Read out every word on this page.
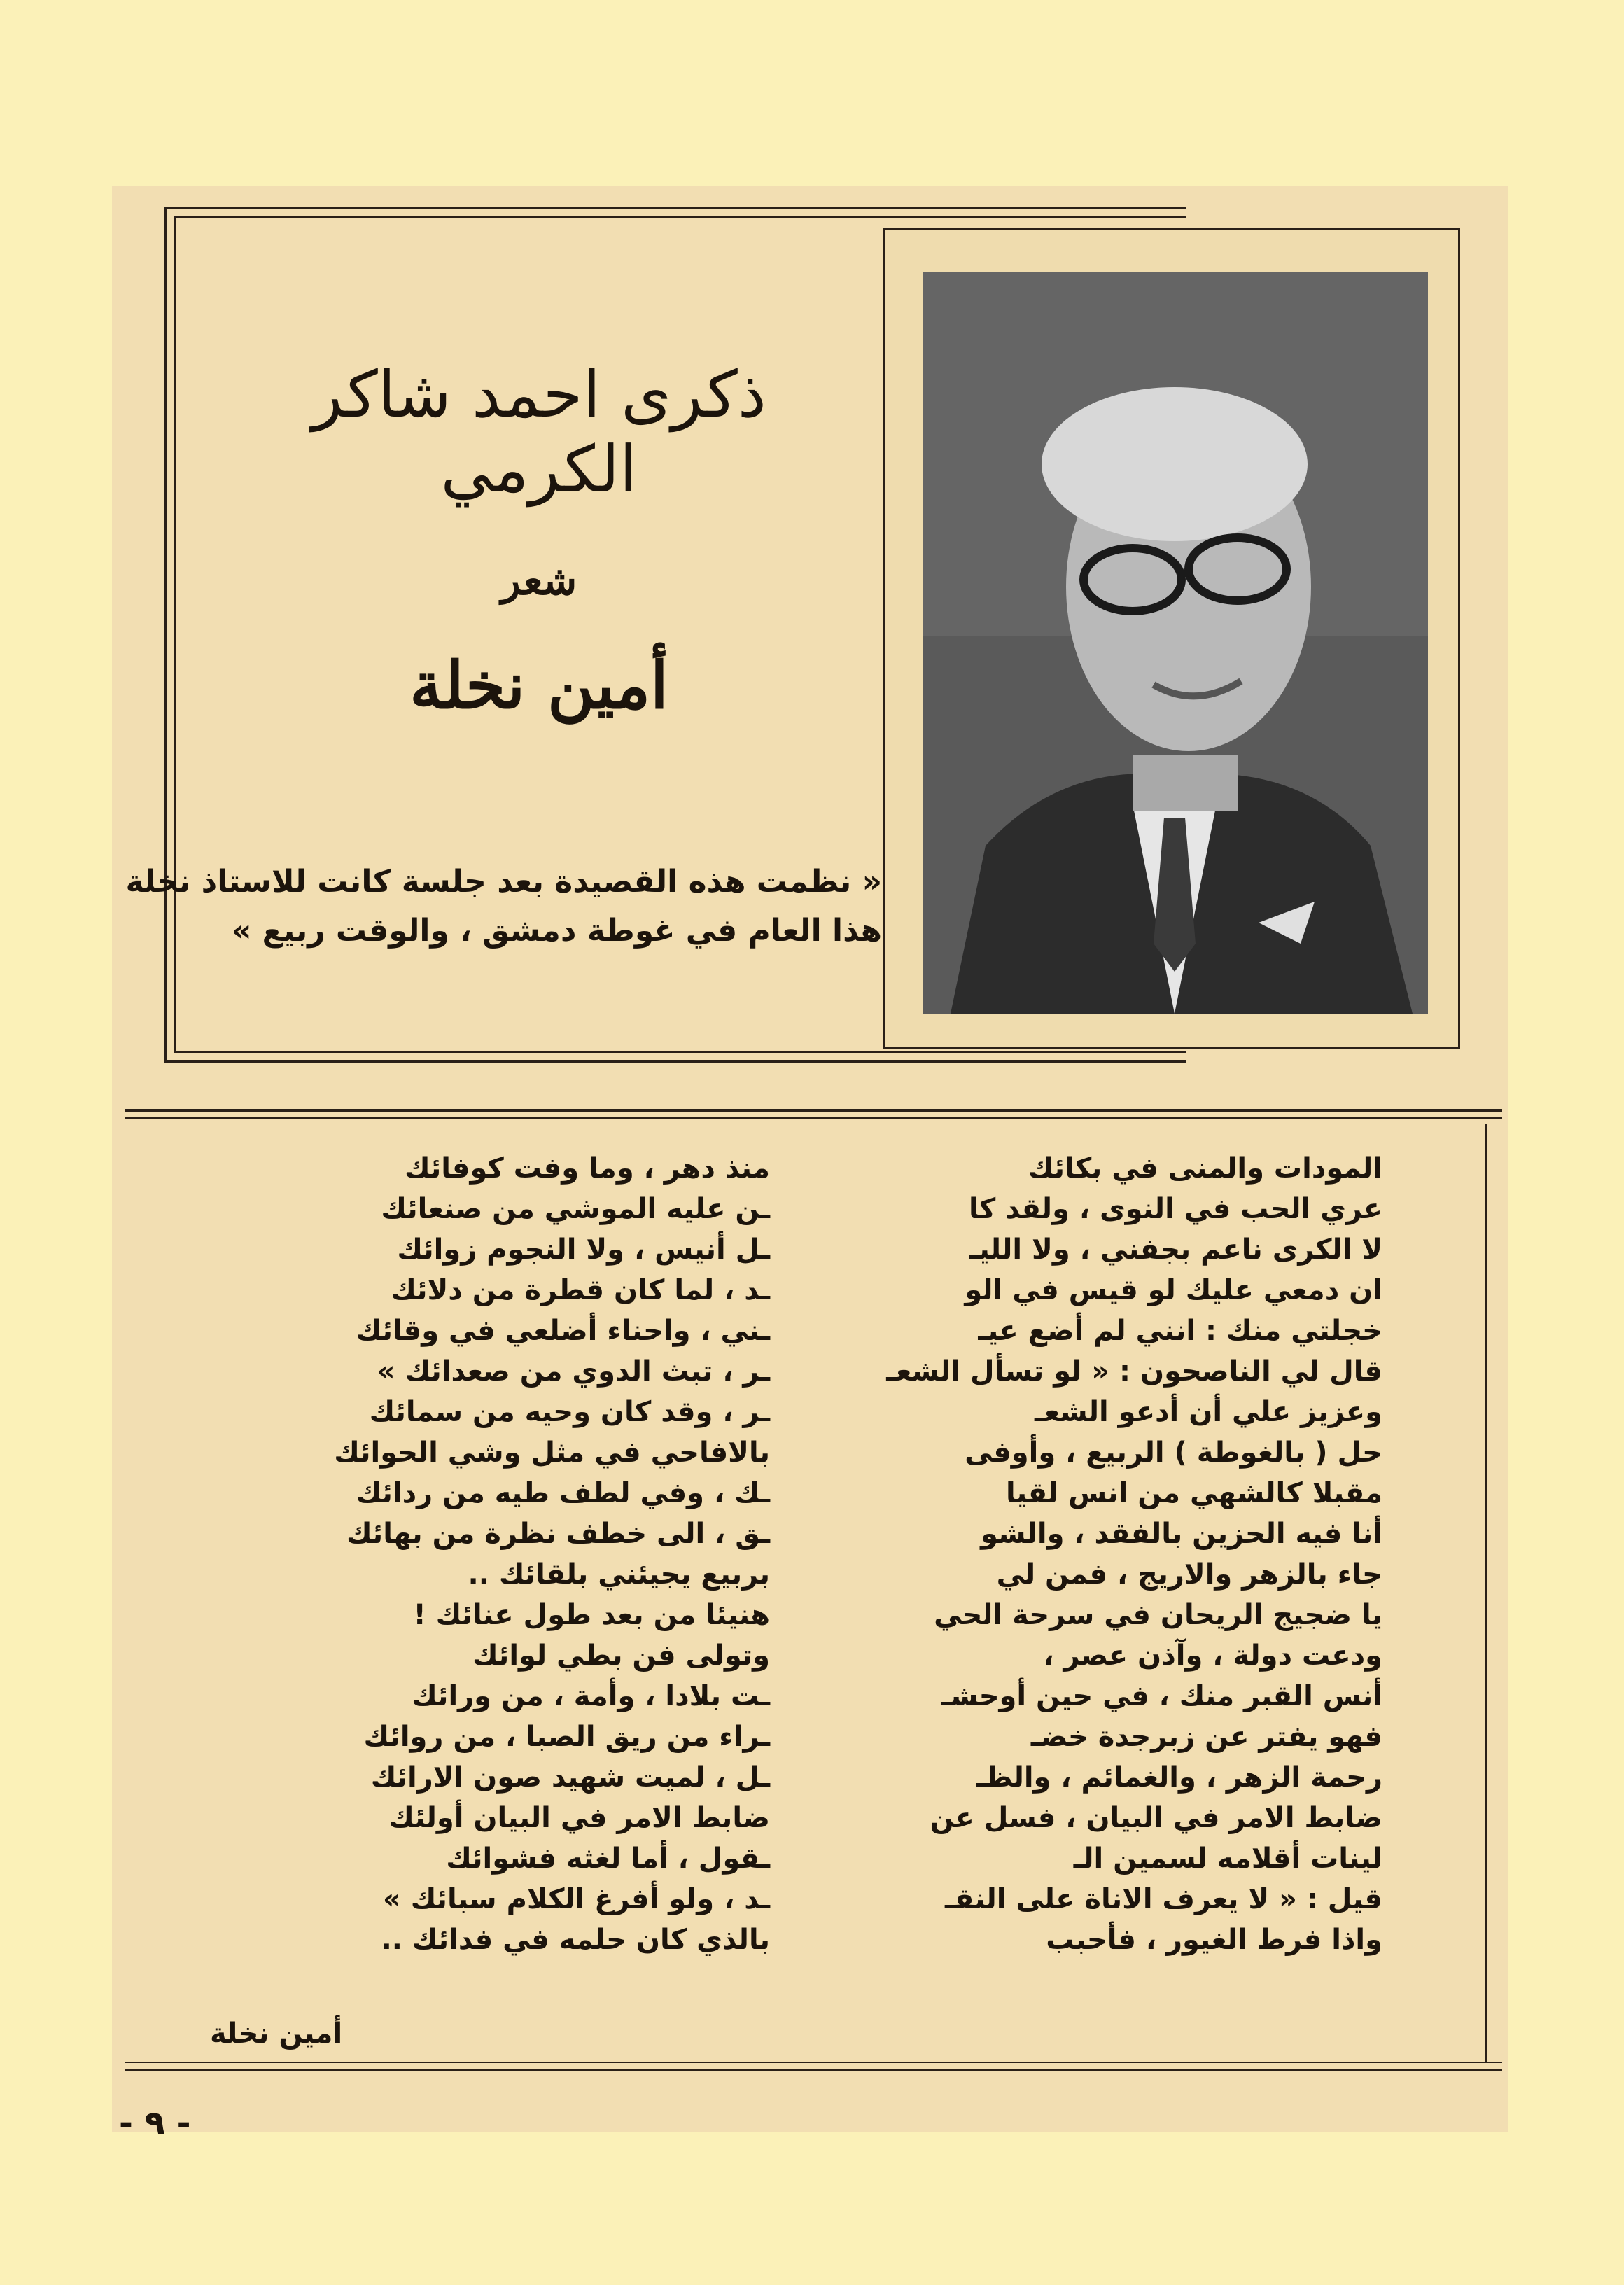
ذكرى احمد شاكر الكرمي
شعر
أمين نخلة

« نظمت هذه القصيدة بعد جلسة كانت للاستاذ نخلة

هذا العام في غوطة دمشق ، والوقت ربيع »

المودات والمنى في بكائك

عري الحب في النوى ، ولقد كا

لا الكرى ناعم بجفني ، ولا الليـ

ان دمعي عليك لو قيس في الو

خجلتي منك : انني لم أضع عيـ

قال لي الناصحون : « لو تسأل الشعـ

وعزيز علي أن أدعو الشعـ

حل ( بالغوطة ) الربيع ، وأوفى

مقبلا كالشهي من انس لقيا

أنا فيه الحزين بالفقد ، والشو

جاء بالزهر والاريج ، فمن لي

يا ضجيج الريحان في سرحة الحي

ودعت دولة ، وآذن عصر ،

أنس القبر منك ، في حين أوحشـ

فهو يفتر عن زبرجدة خضـ

رحمة الزهر ، والغمائم ، والظـ

ضابط الامر في البيان ، فسل عن

لينات أقلامه لسمين الـ

قيل : « لا يعرف الاناة على النقـ

واذا فرط الغيور ، فأحبب

منذ دهر ، وما وفت كوفائك

ـن عليه الموشي من صنعائك

ـل أنيس ، ولا النجوم زوائك

ـد ، لما كان قطرة من دلائك

ـني ، واحناء أضلعي في وقائك

ـر ، تبث الدوي من صعدائك »

ـر ، وقد كان وحيه من سمائك

بالافاحي في مثل وشي الحوائك

ـك ، وفي لطف طيه من ردائك

ـق ، الى خطف نظرة من بهائك

بربيع يجيئني بلقائك ..

هنيئا من بعد طول عنائك !

وتولى فن بطي لوائك

ـت بلادا ، وأمة ، من ورائك

ـراء من ريق الصبا ، من روائك

ـل ، لميت شهيد صون الارائك

ضابط الامر في البيان أولئك

ـقول ، أما لغثه فشوائك

ـد ، ولو أفرغ الكلام سبائك »

بالذي كان حلمه في فدائك ..

أمين نخلة
- ٩ -
